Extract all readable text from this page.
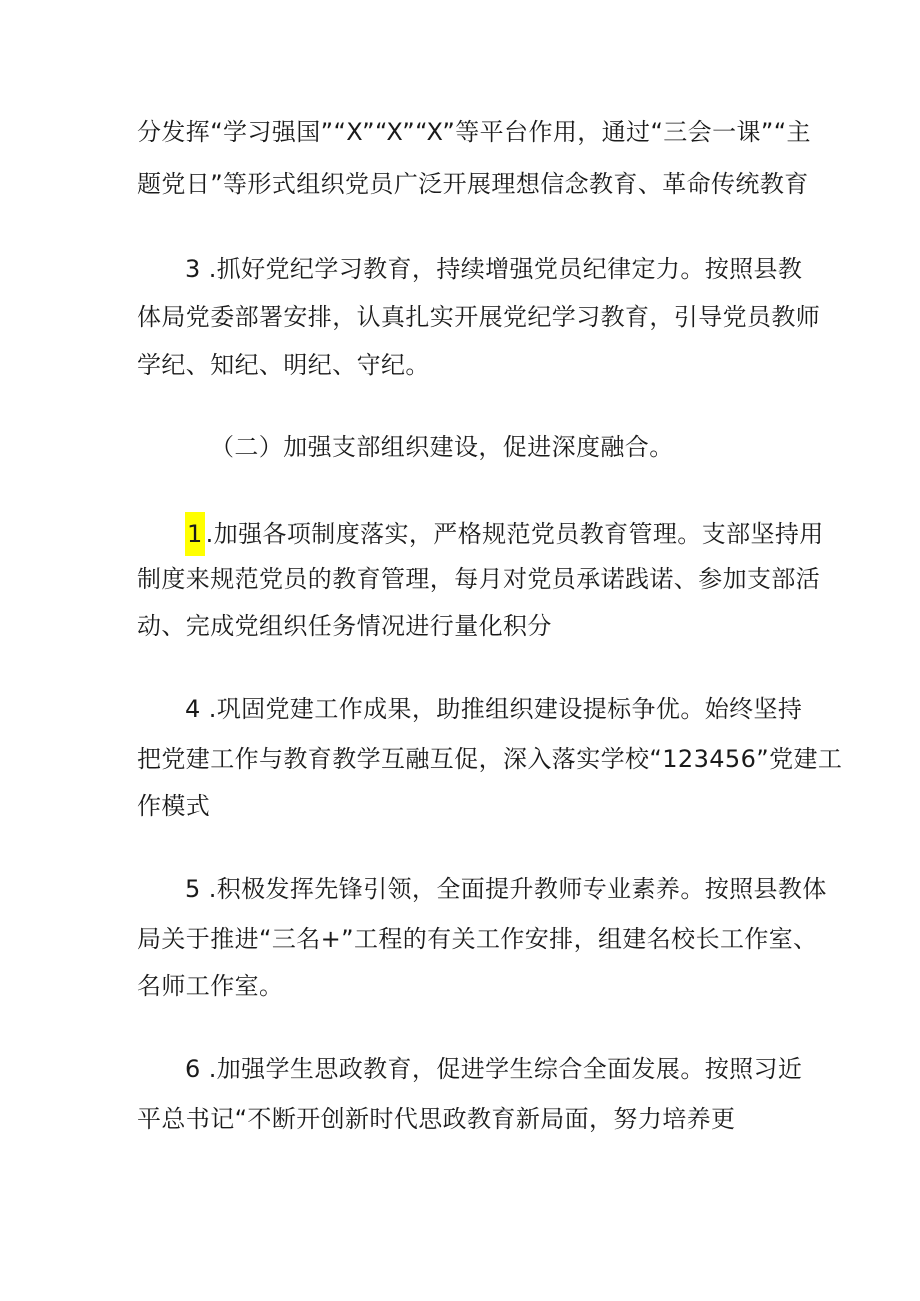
分发挥“学习强国”“X”“X”“X”等平台作用，通过“三会一课”“主
题党日”等形式组织党员广泛开展理想信念教育、革命传统教育
3 .抓好党纪学习教育，持续增强党员纪律定力。按照县教
体局党委部署安排，认真扎实开展党纪学习教育，引导党员教师
学纪、知纪、明纪、守纪。
（二）加强支部组织建设，促进深度融合。
1 .加强各项制度落实，严格规范党员教育管理。支部坚持用
制度来规范党员的教育管理，每月对党员承诺践诺、参加支部活
动、完成党组织任务情况进行量化积分
4 .巩固党建工作成果，助推组织建设提标争优。始终坚持
把党建工作与教育教学互融互促，深入落实学校“123456”党建工
作模式
5 .积极发挥先锋引领，全面提升教师专业素养。按照县教体
局关于推进“三名+”工程的有关工作安排，组建名校长工作室、
名师工作室。
6 .加强学生思政教育，促进学生综合全面发展。按照习近
平总书记“不断开创新时代思政教育新局面，努力培养更
